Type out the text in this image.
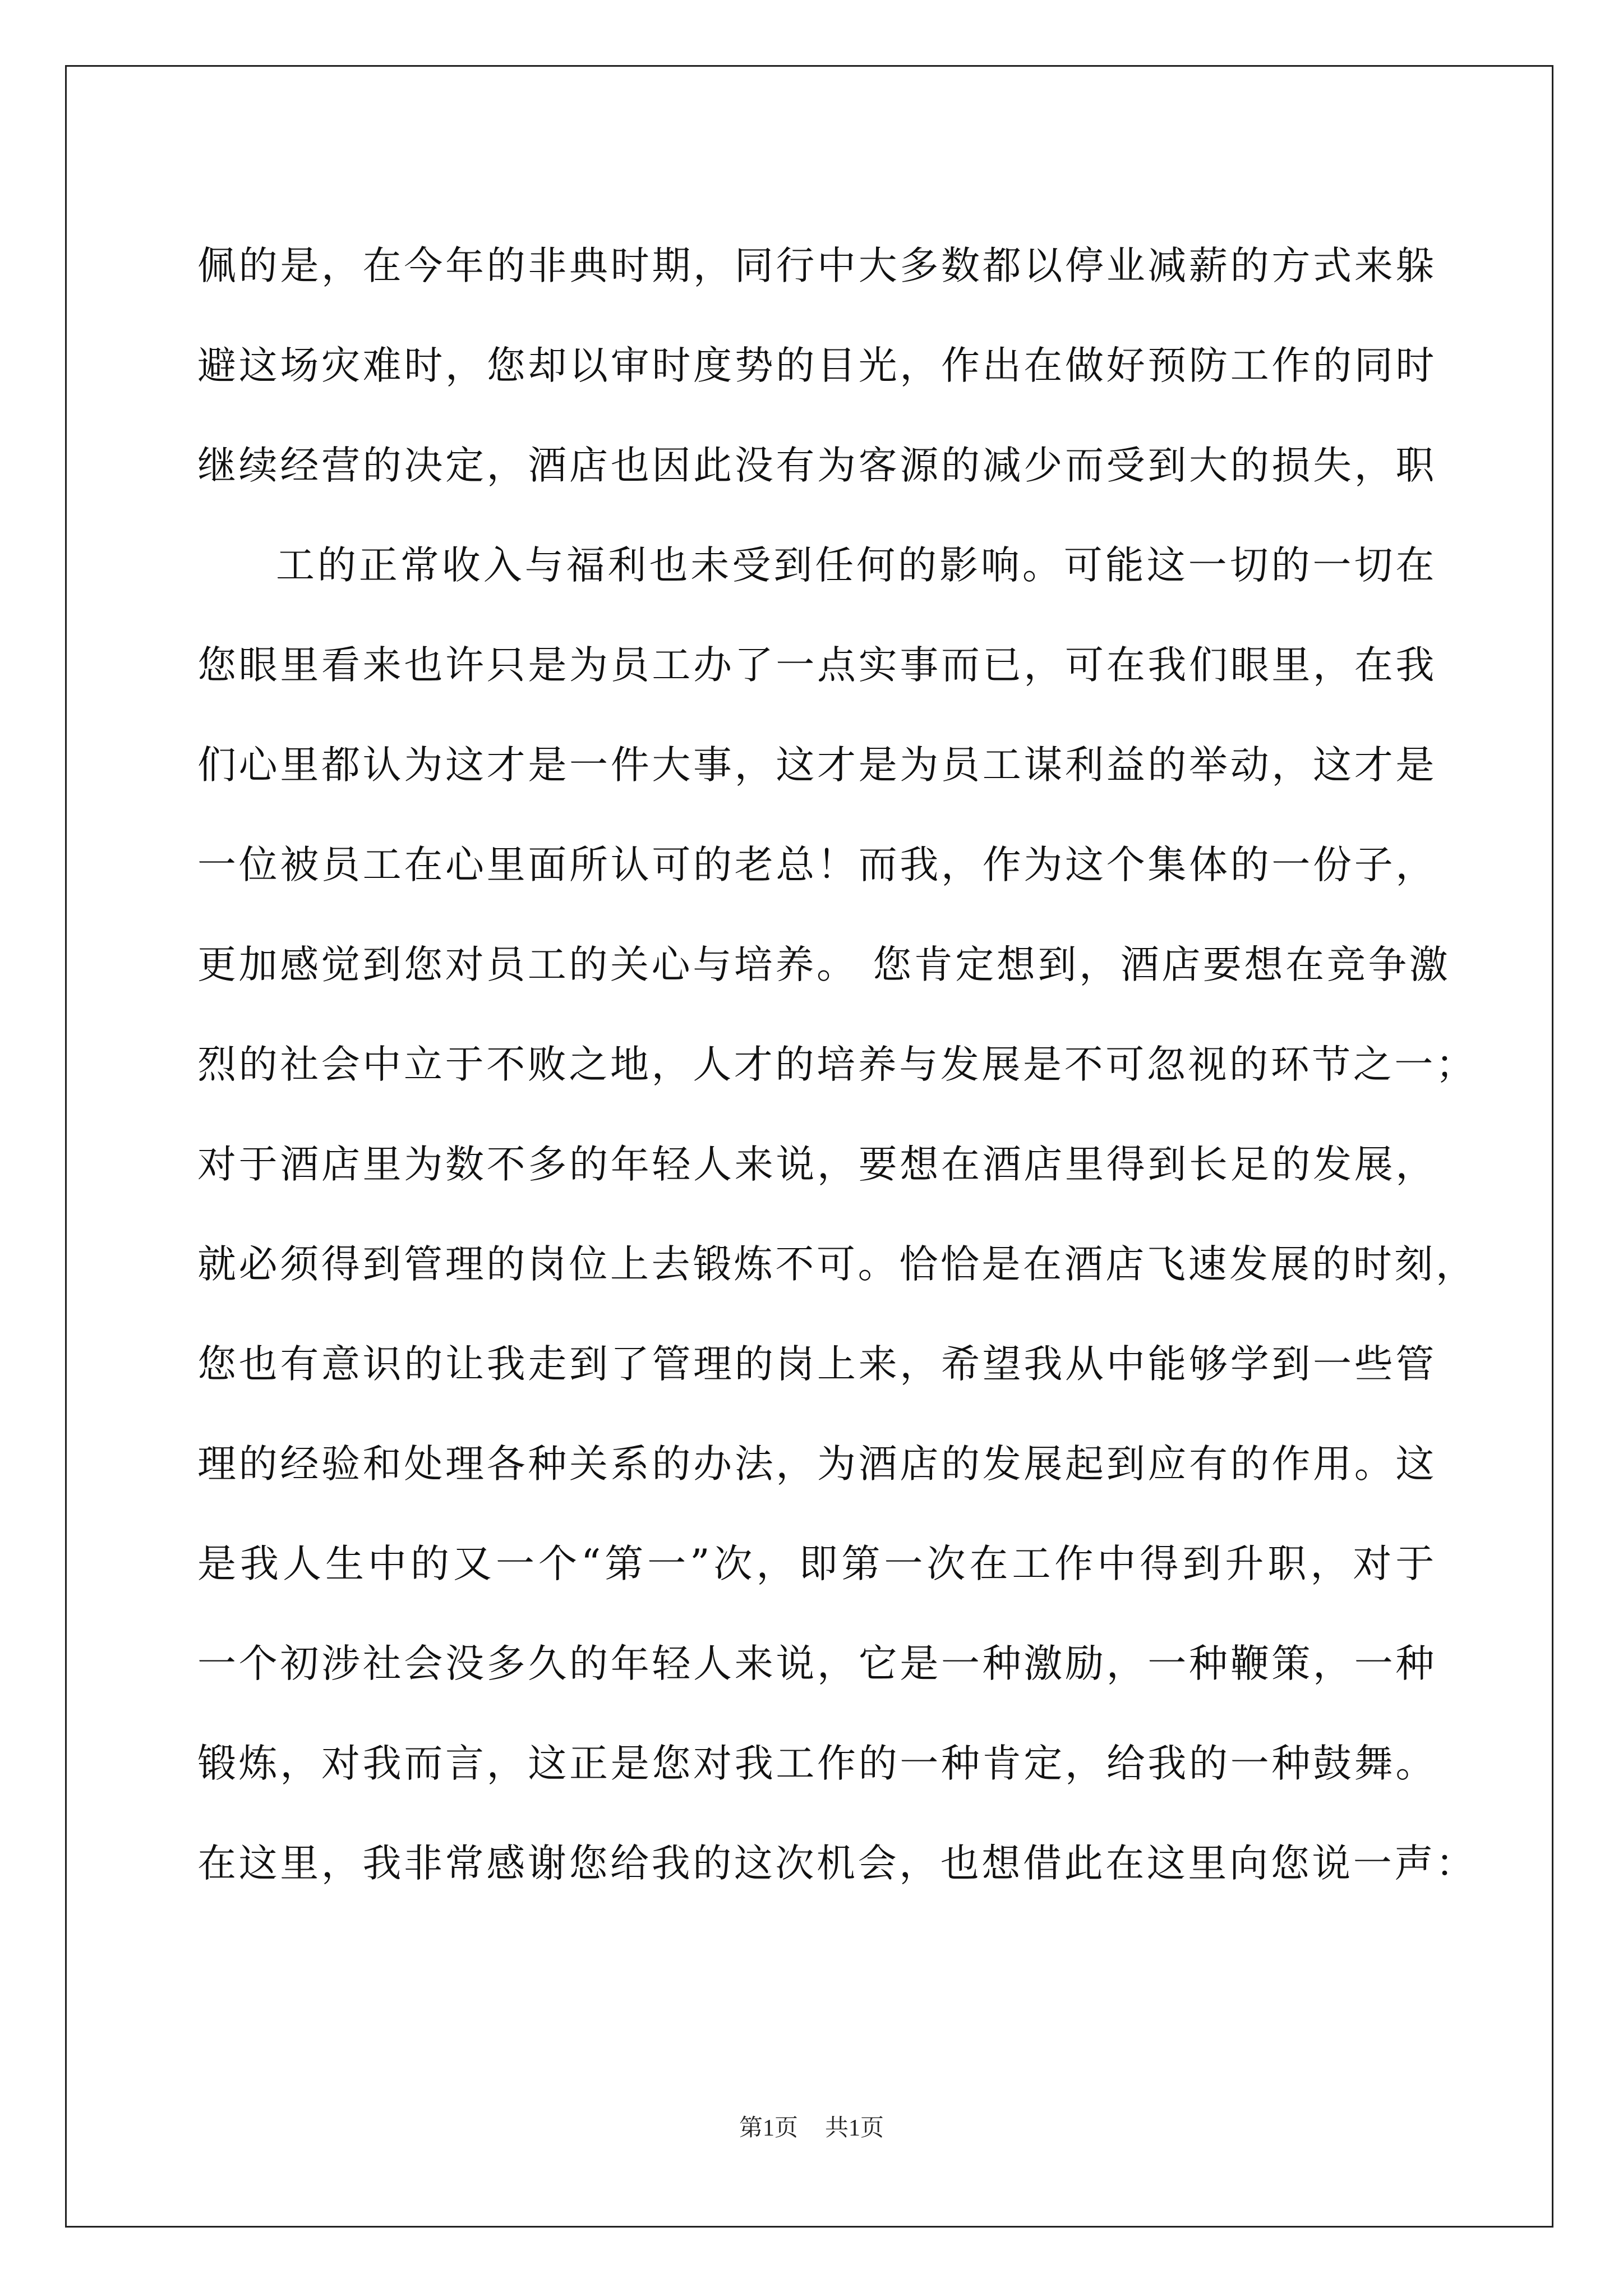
佩的是，在今年的非典时期，同行中大多数都以停业减薪的方式来躲
避这场灾难时，您却以审时度势的目光，作出在做好预防工作的同时
继续经营的决定，酒店也因此没有为客源的减少而受到大的损失，职
工的正常收入与福利也未受到任何的影响。可能这一切的一切在
您眼里看来也许只是为员工办了一点实事而已，可在我们眼里，在我
们心里都认为这才是一件大事，这才是为员工谋利益的举动，这才是
一位被员工在心里面所认可的老总！而我，作为这个集体的一份子，
更加感觉到您对员工的关心与培养。 您肯定想到，酒店要想在竞争激
烈的社会中立于不败之地，人才的培养与发展是不可忽视的环节之一；
对于酒店里为数不多的年轻人来说，要想在酒店里得到长足的发展，
就必须得到管理的岗位上去锻炼不可。恰恰是在酒店飞速发展的时刻，
您也有意识的让我走到了管理的岗上来，希望我从中能够学到一些管
理的经验和处理各种关系的办法，为酒店的发展起到应有的作用。这
是我人生中的又一个“第一”次，即第一次在工作中得到升职，对于
一个初涉社会没多久的年轻人来说，它是一种激励，一种鞭策，一种
锻炼，对我而言，这正是您对我工作的一种肯定，给我的一种鼓舞。
在这里，我非常感谢您给我的这次机会，也想借此在这里向您说一声：
第1页 共1页
